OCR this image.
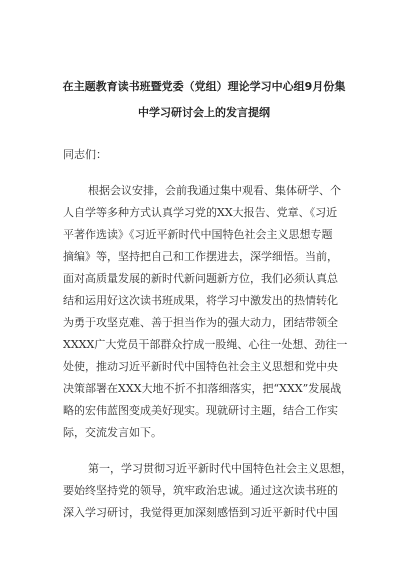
在主题教育读书班暨党委（党组）理论学习中心组9月份集
中学习研讨会上的发言提纲
同志们：
根据会议安排，会前我通过集中观看、集体研学、个
人自学等多种方式认真学习党的XX大报告、党章、《习近
平著作选读》《习近平新时代中国特色社会主义思想专题
摘编》等，坚持把自己和工作摆进去，深学细悟。当前，
面对高质量发展的新时代新问题新方位，我们必须认真总
结和运用好这次读书班成果，将学习中激发出的热情转化
为勇于攻坚克难、善于担当作为的强大动力，团结带领全
XXXX广大党员干部群众拧成一股绳、心往一处想、劲往一
处使，推动习近平新时代中国特色社会主义思想和党中央
决策部署在XXX大地不折不扣落细落实，把“XXX”发展战
略的宏伟蓝图变成美好现实。现就研讨主题，结合工作实
际，交流发言如下。
第一，学习贯彻习近平新时代中国特色社会主义思想，
要始终坚持党的领导，筑牢政治忠诚。通过这次读书班的
深入学习研讨，我觉得更加深刻感悟到习近平新时代中国
